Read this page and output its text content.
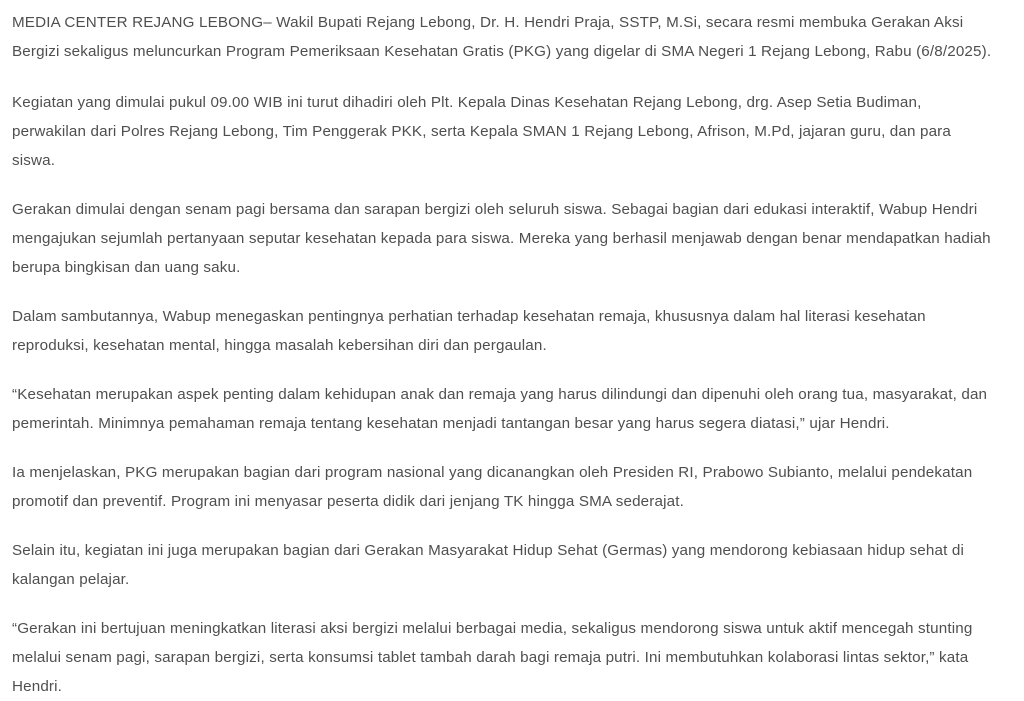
MEDIA CENTER REJANG LEBONG– Wakil Bupati Rejang Lebong, Dr. H. Hendri Praja, SSTP, M.Si, secara resmi membuka Gerakan Aksi Bergizi sekaligus meluncurkan Program Pemeriksaan Kesehatan Gratis (PKG) yang digelar di SMA Negeri 1 Rejang Lebong, Rabu (6/8/2025).

Kegiatan yang dimulai pukul 09.00 WIB ini turut dihadiri oleh Plt. Kepala Dinas Kesehatan Rejang Lebong, drg. Asep Setia Budiman, perwakilan dari Polres Rejang Lebong, Tim Penggerak PKK, serta Kepala SMAN 1 Rejang Lebong, Afrison, M.Pd, jajaran guru, dan para siswa.

Gerakan dimulai dengan senam pagi bersama dan sarapan bergizi oleh seluruh siswa. Sebagai bagian dari edukasi interaktif, Wabup Hendri mengajukan sejumlah pertanyaan seputar kesehatan kepada para siswa. Mereka yang berhasil menjawab dengan benar mendapatkan hadiah berupa bingkisan dan uang saku.

Dalam sambutannya, Wabup menegaskan pentingnya perhatian terhadap kesehatan remaja, khususnya dalam hal literasi kesehatan reproduksi, kesehatan mental, hingga masalah kebersihan diri dan pergaulan.

“Kesehatan merupakan aspek penting dalam kehidupan anak dan remaja yang harus dilindungi dan dipenuhi oleh orang tua, masyarakat, dan pemerintah. Minimnya pemahaman remaja tentang kesehatan menjadi tantangan besar yang harus segera diatasi,” ujar Hendri.

Ia menjelaskan, PKG merupakan bagian dari program nasional yang dicanangkan oleh Presiden RI, Prabowo Subianto, melalui pendekatan promotif dan preventif. Program ini menyasar peserta didik dari jenjang TK hingga SMA sederajat.

Selain itu, kegiatan ini juga merupakan bagian dari Gerakan Masyarakat Hidup Sehat (Germas) yang mendorong kebiasaan hidup sehat di kalangan pelajar.

“Gerakan ini bertujuan meningkatkan literasi aksi bergizi melalui berbagai media, sekaligus mendorong siswa untuk aktif mencegah stunting melalui senam pagi, sarapan bergizi, serta konsumsi tablet tambah darah bagi remaja putri. Ini membutuhkan kolaborasi lintas sektor,” kata Hendri.
